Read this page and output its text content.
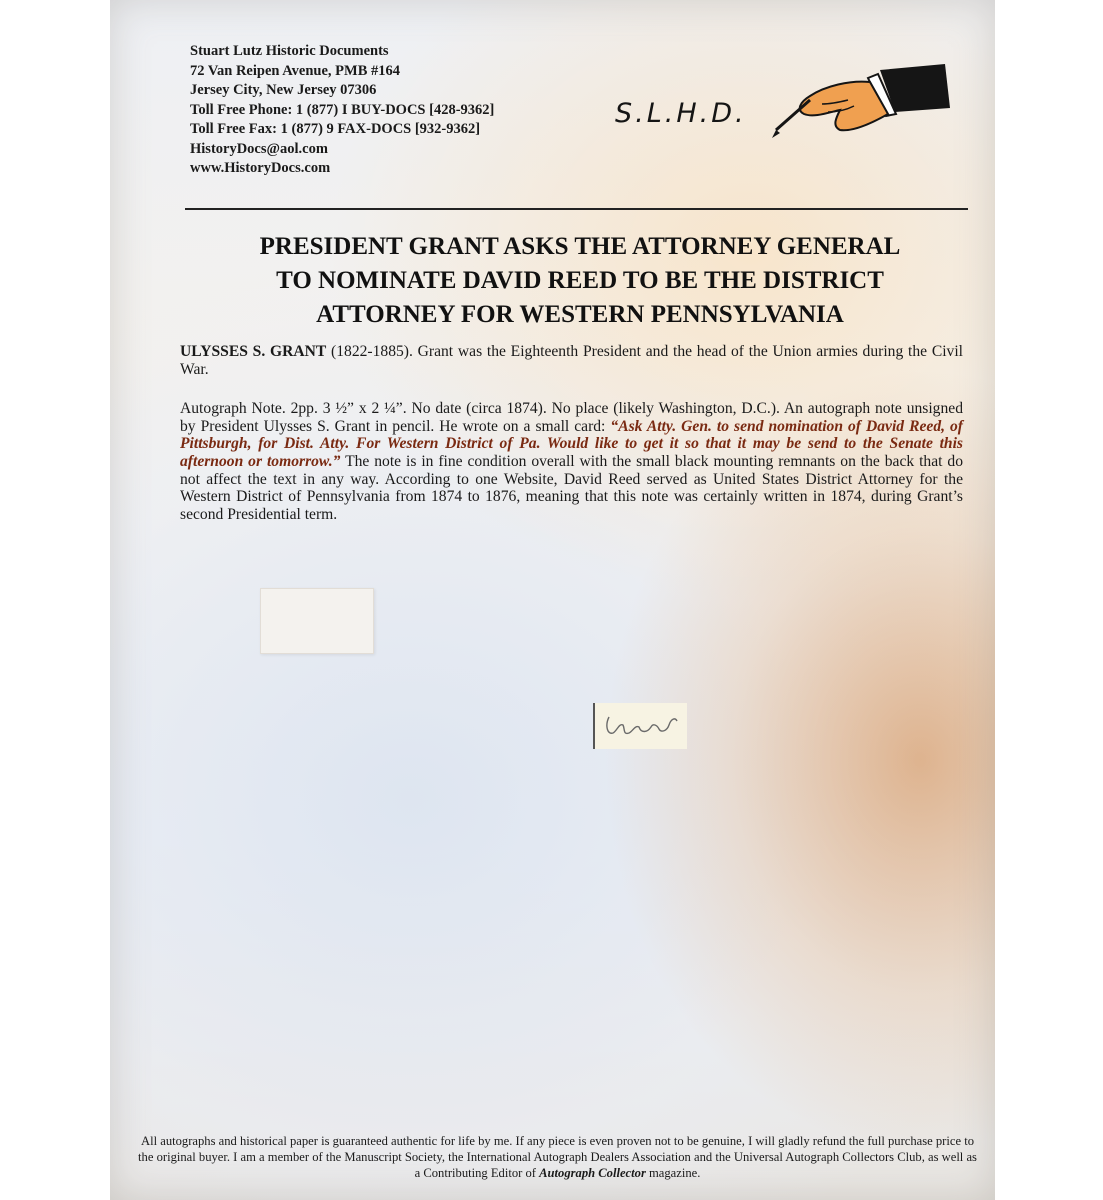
Stuart Lutz Historic Documents
72 Van Reipen Avenue, PMB #164
Jersey City, New Jersey 07306
Toll Free Phone: 1 (877) I BUY-DOCS [428-9362]
Toll Free Fax: 1 (877) 9 FAX-DOCS [932-9362]
HistoryDocs@aol.com
www.HistoryDocs.com
S.L.H.D.
PRESIDENT GRANT ASKS THE ATTORNEY GENERAL
TO NOMINATE DAVID REED TO BE THE DISTRICT
ATTORNEY FOR WESTERN PENNSYLVANIA

ULYSSES S. GRANT (1822-1885). Grant was the Eighteenth President and the head of the Union armies during the Civil War.

Autograph Note. 2pp. 3 ½” x 2 ¼”. No date (circa 1874). No place (likely Washington, D.C.). An autograph note unsigned by President Ulysses S. Grant in pencil. He wrote on a small card: “Ask Atty. Gen. to send nomination of David Reed, of Pittsburgh, for Dist. Atty. For Western District of Pa. Would like to get it so that it may be send to the Senate this afternoon or tomorrow.” The note is in fine condition overall with the small black mounting remnants on the back that do not affect the text in any way. According to one Website, David Reed served as United States District Attorney for the Western District of Pennsylvania from 1874 to 1876, meaning that this note was certainly written in 1874, during Grant’s second Presidential term.

All autographs and historical paper is guaranteed authentic for life by me. If any piece is even proven not to be genuine, I will gladly refund the full purchase price to the original buyer. I am a member of the Manuscript Society, the International Autograph Dealers Association and the Universal Autograph Collectors Club, as well as a Contributing Editor of Autograph Collector magazine.
